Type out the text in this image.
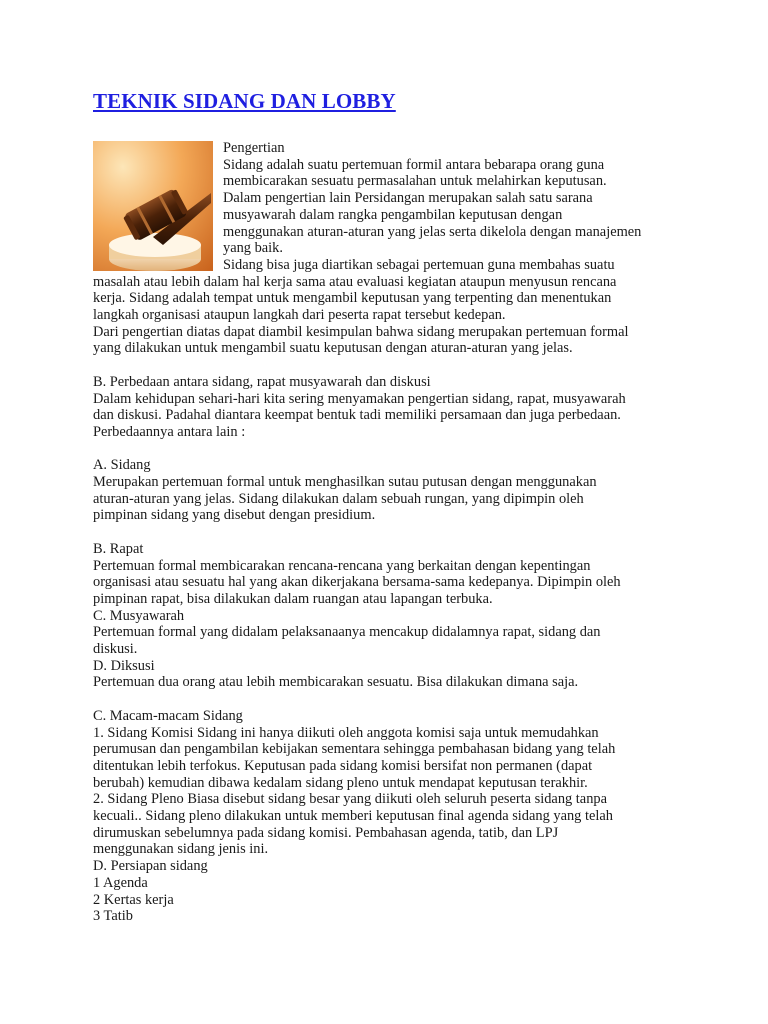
TEKNIK SIDANG DAN LOBBY

Pengertian

Sidang adalah suatu pertemuan formil antara bebarapa orang guna

membicarakan sesuatu permasalahan untuk melahirkan keputusan.

Dalam pengertian lain Persidangan merupakan salah satu sarana

musyawarah dalam rangka pengambilan keputusan dengan

menggunakan aturan-aturan yang jelas serta dikelola dengan manajemen

yang baik.

Sidang bisa juga diartikan sebagai pertemuan guna membahas suatu

masalah atau lebih dalam hal kerja sama atau evaluasi kegiatan ataupun menyusun rencana

kerja. Sidang adalah tempat untuk mengambil keputusan yang terpenting dan menentukan

langkah organisasi ataupun langkah dari peserta rapat tersebut kedepan.

Dari pengertian diatas dapat diambil kesimpulan bahwa sidang merupakan pertemuan formal

yang dilakukan untuk mengambil suatu keputusan dengan aturan-aturan yang jelas.

B. Perbedaan antara sidang, rapat musyawarah dan diskusi

Dalam kehidupan sehari-hari kita sering menyamakan pengertian sidang, rapat, musyawarah

dan diskusi. Padahal diantara keempat bentuk tadi memiliki persamaan dan juga perbedaan.

Perbedaannya antara lain :

A. Sidang

Merupakan pertemuan formal untuk menghasilkan sutau putusan dengan menggunakan

aturan-aturan yang jelas. Sidang dilakukan dalam sebuah rungan, yang dipimpin oleh

pimpinan sidang yang disebut dengan presidium.

B. Rapat

Pertemuan formal membicarakan rencana-rencana yang berkaitan dengan kepentingan

organisasi atau sesuatu hal yang akan dikerjakana bersama-sama kedepanya. Dipimpin oleh

pimpinan rapat, bisa dilakukan dalam ruangan atau lapangan terbuka.

C. Musyawarah

Pertemuan formal yang didalam pelaksanaanya mencakup didalamnya rapat, sidang dan

diskusi.

D. Diksusi

Pertemuan dua orang atau lebih membicarakan sesuatu. Bisa dilakukan dimana saja.

C. Macam-macam Sidang

1. Sidang Komisi Sidang ini hanya diikuti oleh anggota komisi saja untuk memudahkan

perumusan dan pengambilan kebijakan sementara sehingga pembahasan bidang yang telah

ditentukan lebih terfokus. Keputusan pada sidang komisi bersifat non permanen (dapat

berubah) kemudian dibawa kedalam sidang pleno untuk mendapat keputusan terakhir.

2. Sidang Pleno Biasa disebut sidang besar yang diikuti oleh seluruh peserta sidang tanpa

kecuali.. Sidang pleno dilakukan untuk memberi keputusan final agenda sidang yang telah

dirumuskan sebelumnya pada sidang komisi. Pembahasan agenda, tatib, dan LPJ

menggunakan sidang jenis ini.

D. Persiapan sidang

1 Agenda

2 Kertas kerja

3 Tatib
